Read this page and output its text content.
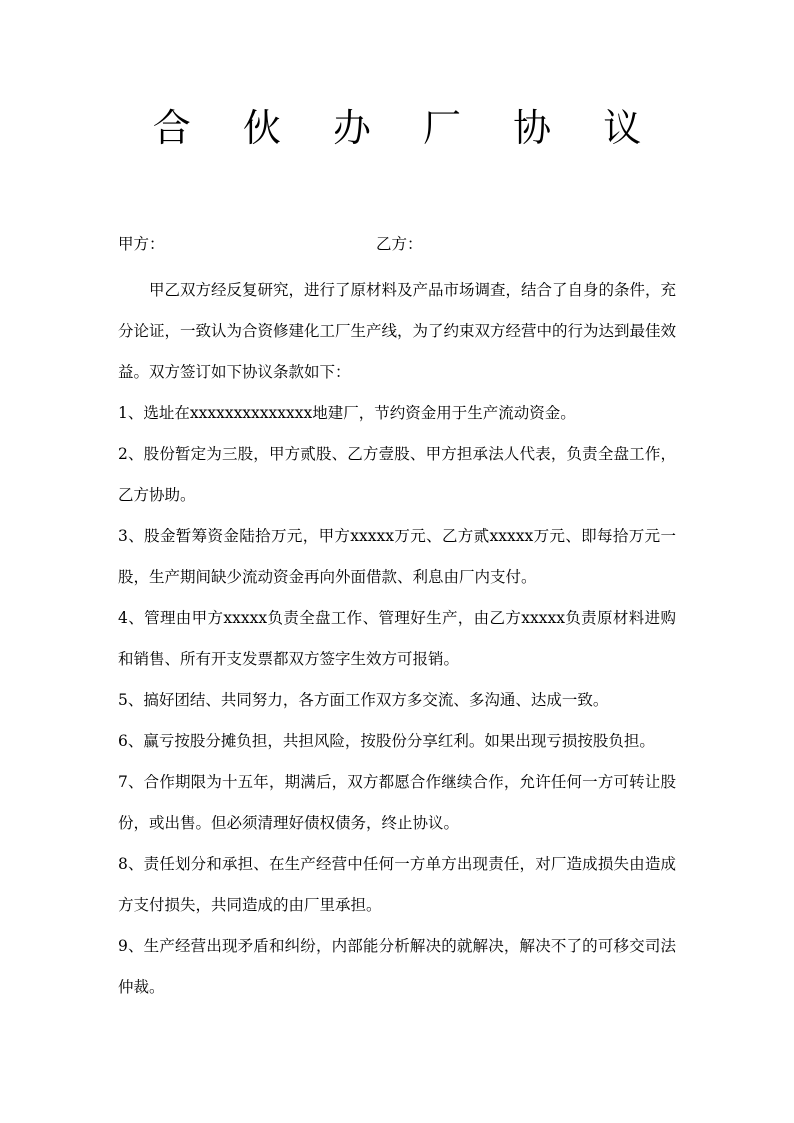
合 伙 办 厂 协 议
甲方：	乙方：

甲乙双方经反复研究，进行了原材料及产品市场调查，结合了自身的条件，充分论证，一致认为合资修建化工厂生产线，为了约束双方经营中的行为达到最佳效益。双方签订如下协议条款如下：

1、选址在xxxxxxxxxxxxxx地建厂，节约资金用于生产流动资金。

2、股份暂定为三股，甲方贰股、乙方壹股、甲方担承法人代表，负责全盘工作，乙方协助。

3、股金暂筹资金陆拾万元，甲方xxxxx万元、乙方贰xxxxx万元、即每拾万元一股，生产期间缺少流动资金再向外面借款、利息由厂内支付。

4、管理由甲方xxxxx负责全盘工作、管理好生产，由乙方xxxxx负责原材料进购和销售、所有开支发票都双方签字生效方可报销。

5、搞好团结、共同努力，各方面工作双方多交流、多沟通、达成一致。

6、赢亏按股分摊负担，共担风险，按股份分享红利。如果出现亏损按股负担。

7、合作期限为十五年，期满后，双方都愿合作继续合作，允许任何一方可转让股份，或出售。但必须清理好债权债务，终止协议。

8、责任划分和承担、在生产经营中任何一方单方出现责任，对厂造成损失由造成方支付损失，共同造成的由厂里承担。

9、生产经营出现矛盾和纠纷，内部能分析解决的就解决，解决不了的可移交司法仲裁。
